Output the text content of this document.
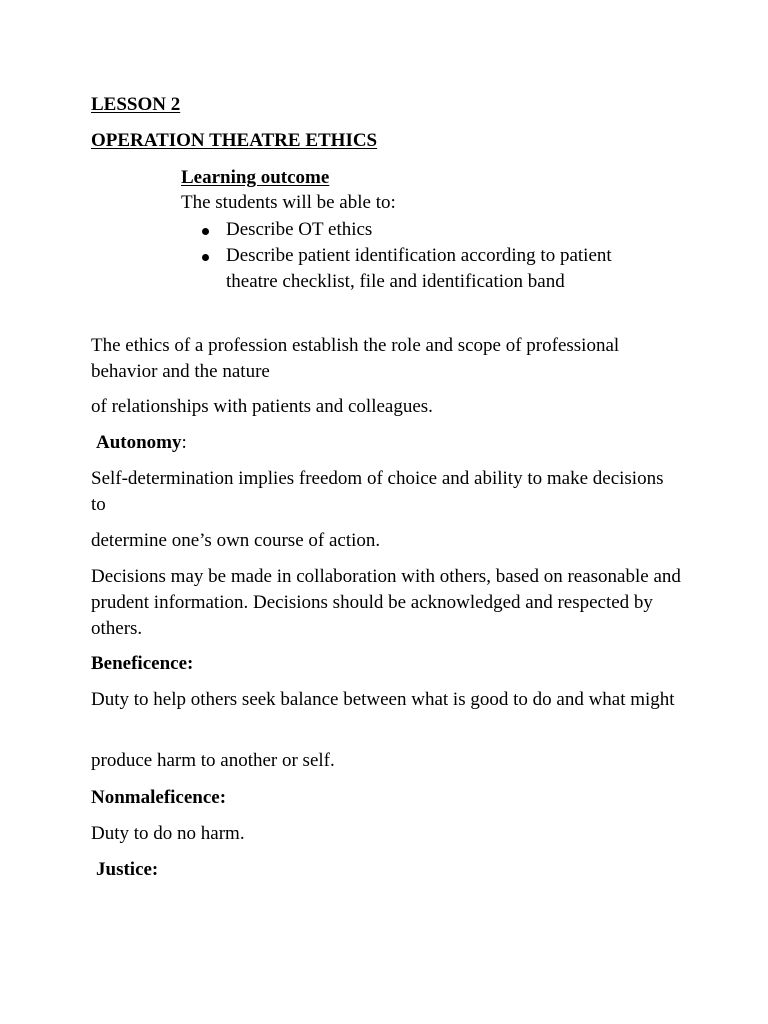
LESSON 2

OPERATION THEATRE ETHICS

Learning outcome

The students will be able to:

Describe OT ethics
Describe patient identification according to patient theatre checklist, file and identification band

The ethics of a profession establish the role and scope of professional behavior and the nature

of relationships with patients and colleagues.

Autonomy:

Self-determination implies freedom of choice and ability to make decisions to

determine one’s own course of action.

Decisions may be made in collaboration with others, based on reasonable and prudent information. Decisions should be acknowledged and respected by others.

Beneficence:

Duty to help others seek balance between what is good to do and what might

produce harm to another or self.

Nonmaleficence:

Duty to do no harm.

Justice:
